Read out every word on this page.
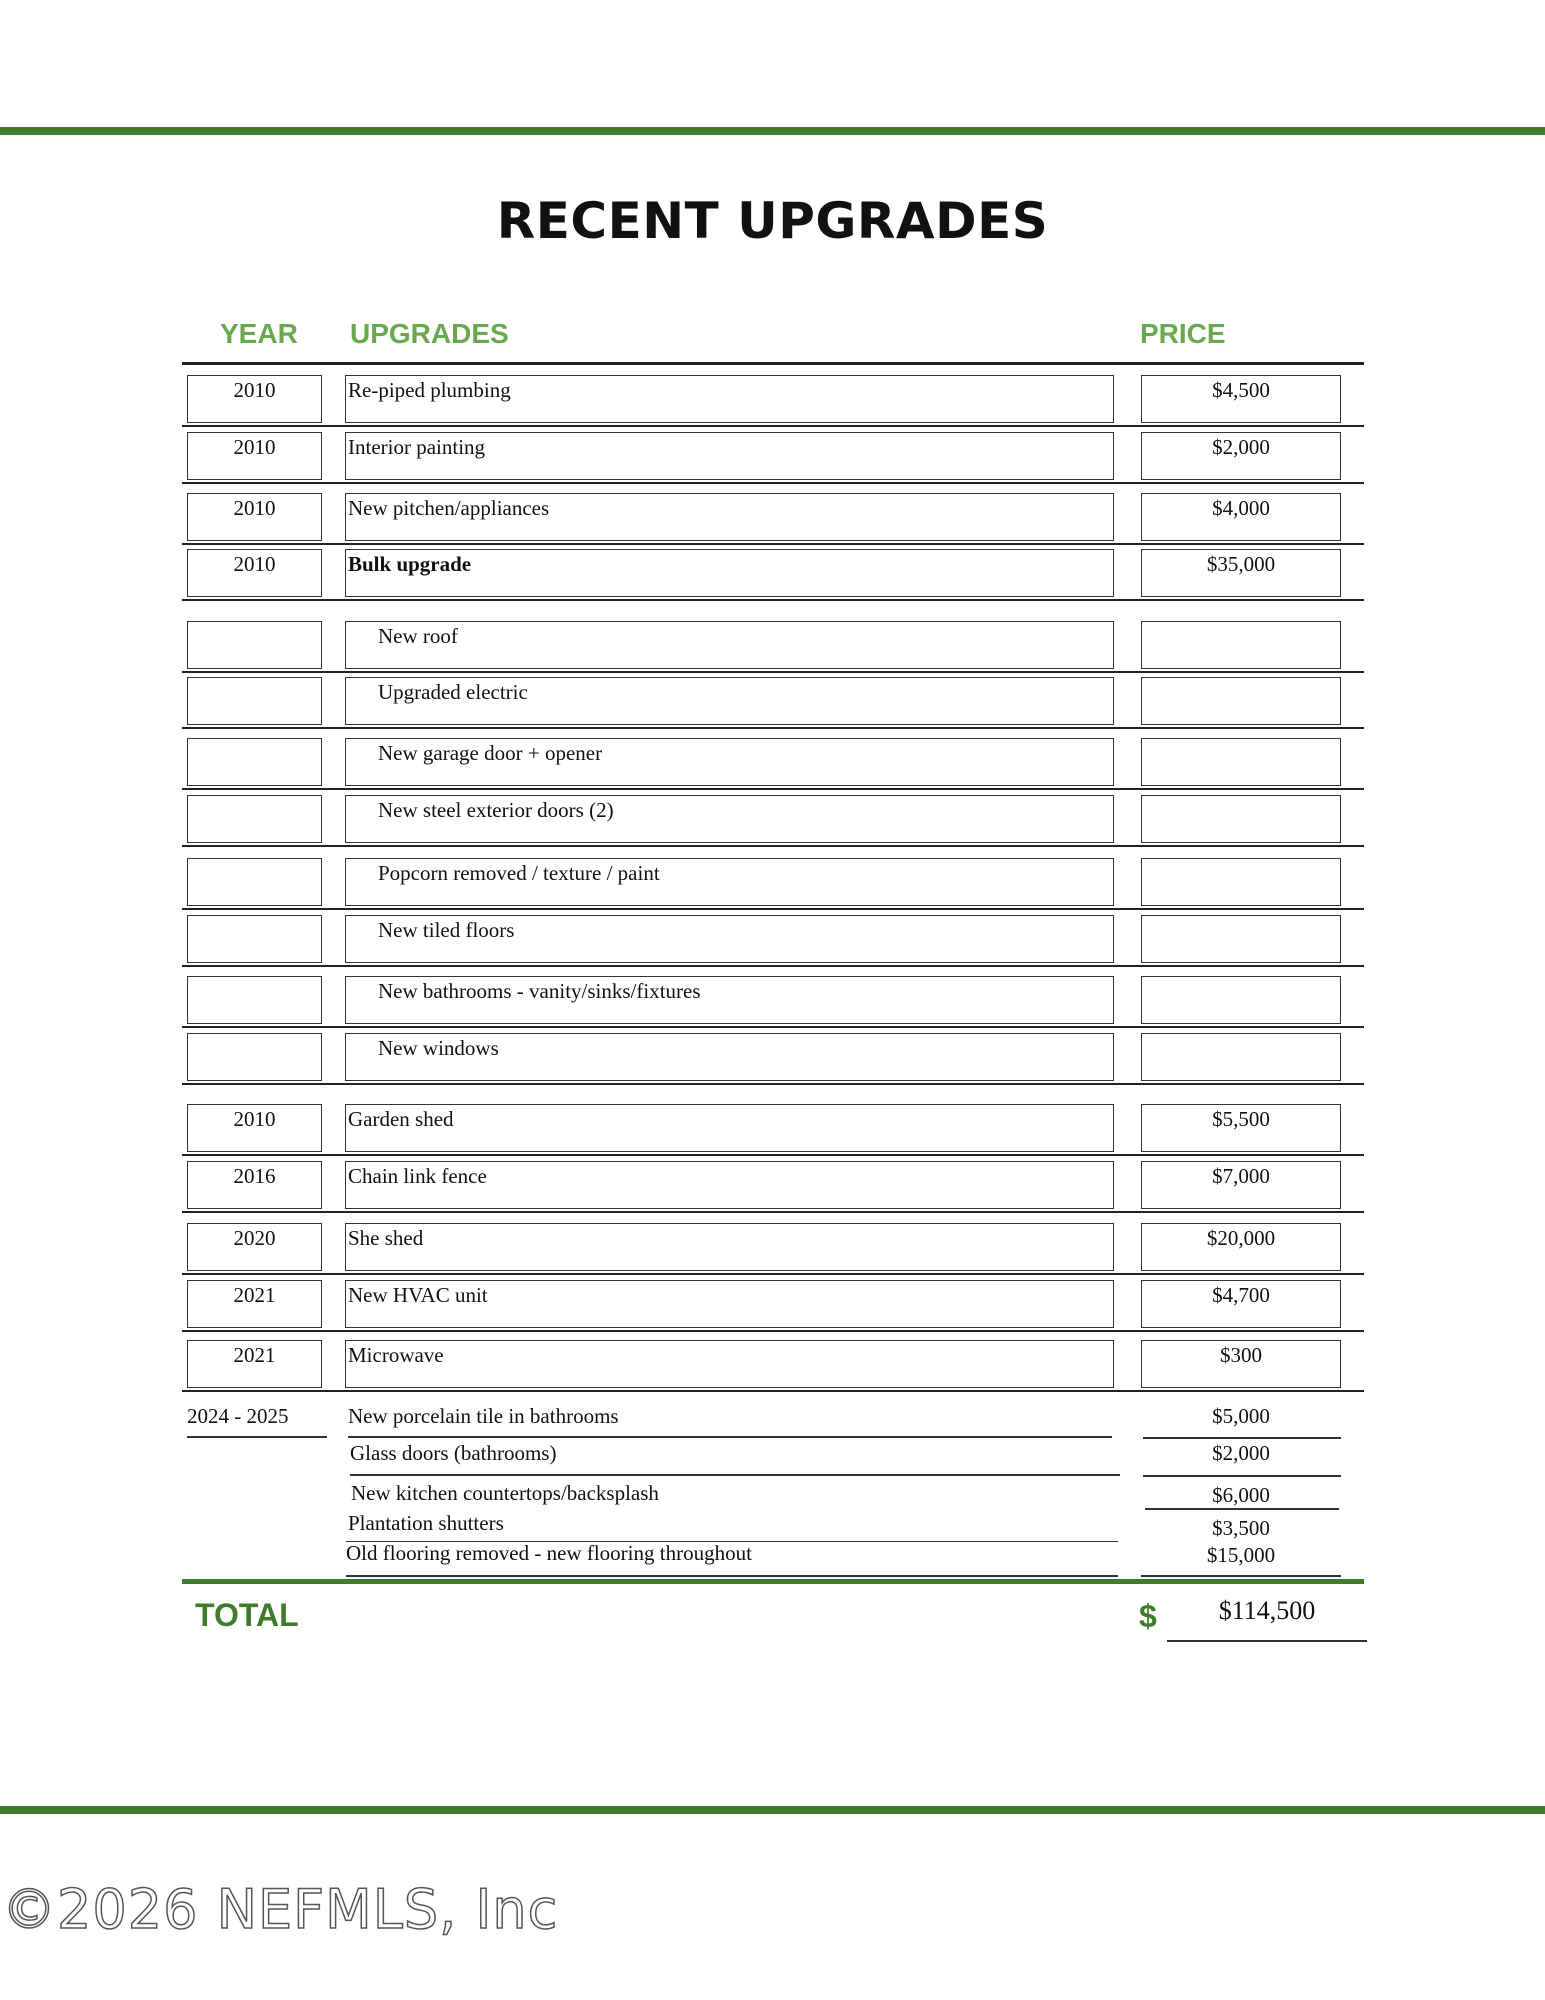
RECENT UPGRADES
YEAR UPGRADES	PRICE
2010	Re-piped plumbing	$4,500
2010	Interior painting	$2,000
2010	New pitchen/appliances	$4,000
2010	Bulk upgrade	$35,000
New roof
Upgraded electric
New garage door + opener
New steel exterior doors (2)
Popcorn removed / texture / paint
New tiled floors
New bathrooms - vanity/sinks/fixtures
New windows
2010	Garden shed	$5,500
2016	Chain link fence	$7,000
2020	She shed	$20,000
2021	New HVAC unit	$4,700
2021	Microwave	$300
2024 - 2025	New porcelain tile in bathrooms	$5,000
Glass doors (bathrooms)	$2,000
New kitchen countertops/backsplash	$6,000
Plantation shutters	$3,500
Old flooring removed - new flooring throughout	$15,000
TOTAL	$	$114,500
©2026 NEFMLS, Inc
